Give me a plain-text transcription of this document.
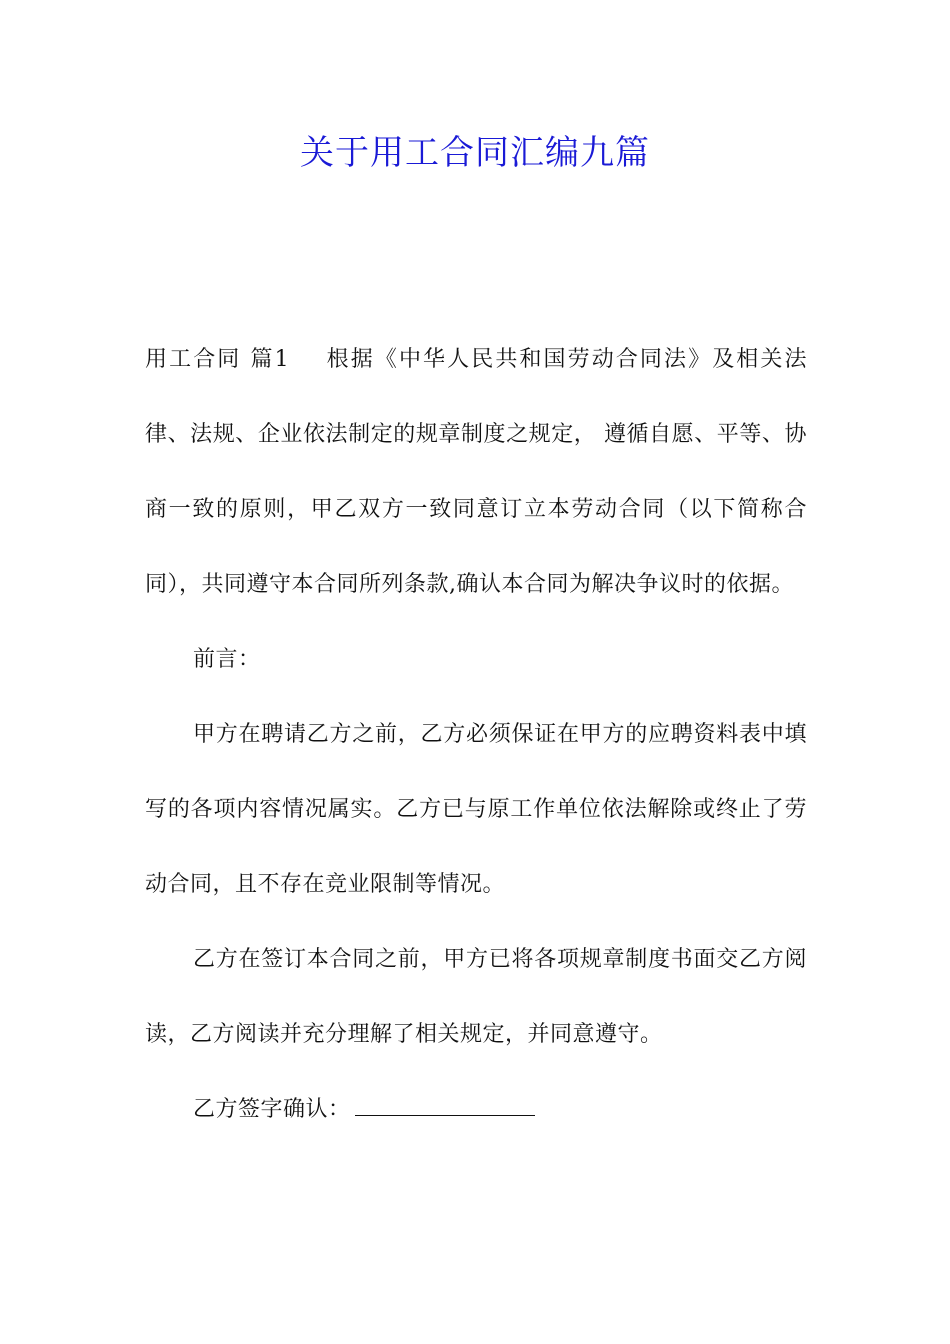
关于用工合同汇编九篇

用工合同 篇1 根据《中华人民共和国劳动合同法》及相关法律、法规、企业依法制定的规章制度之规定， 遵循自愿、平等、协商一致的原则，甲乙双方一致同意订立本劳动合同（以下简称合同），共同遵守本合同所列条款,确认本合同为解决争议时的依据。

前言：

甲方在聘请乙方之前，乙方必须保证在甲方的应聘资料表中填写的各项内容情况属实。乙方已与原工作单位依法解除或终止了劳动合同，且不存在竞业限制等情况。

乙方在签订本合同之前，甲方已将各项规章制度书面交乙方阅读，乙方阅读并充分理解了相关规定，并同意遵守。

乙方签字确认：
